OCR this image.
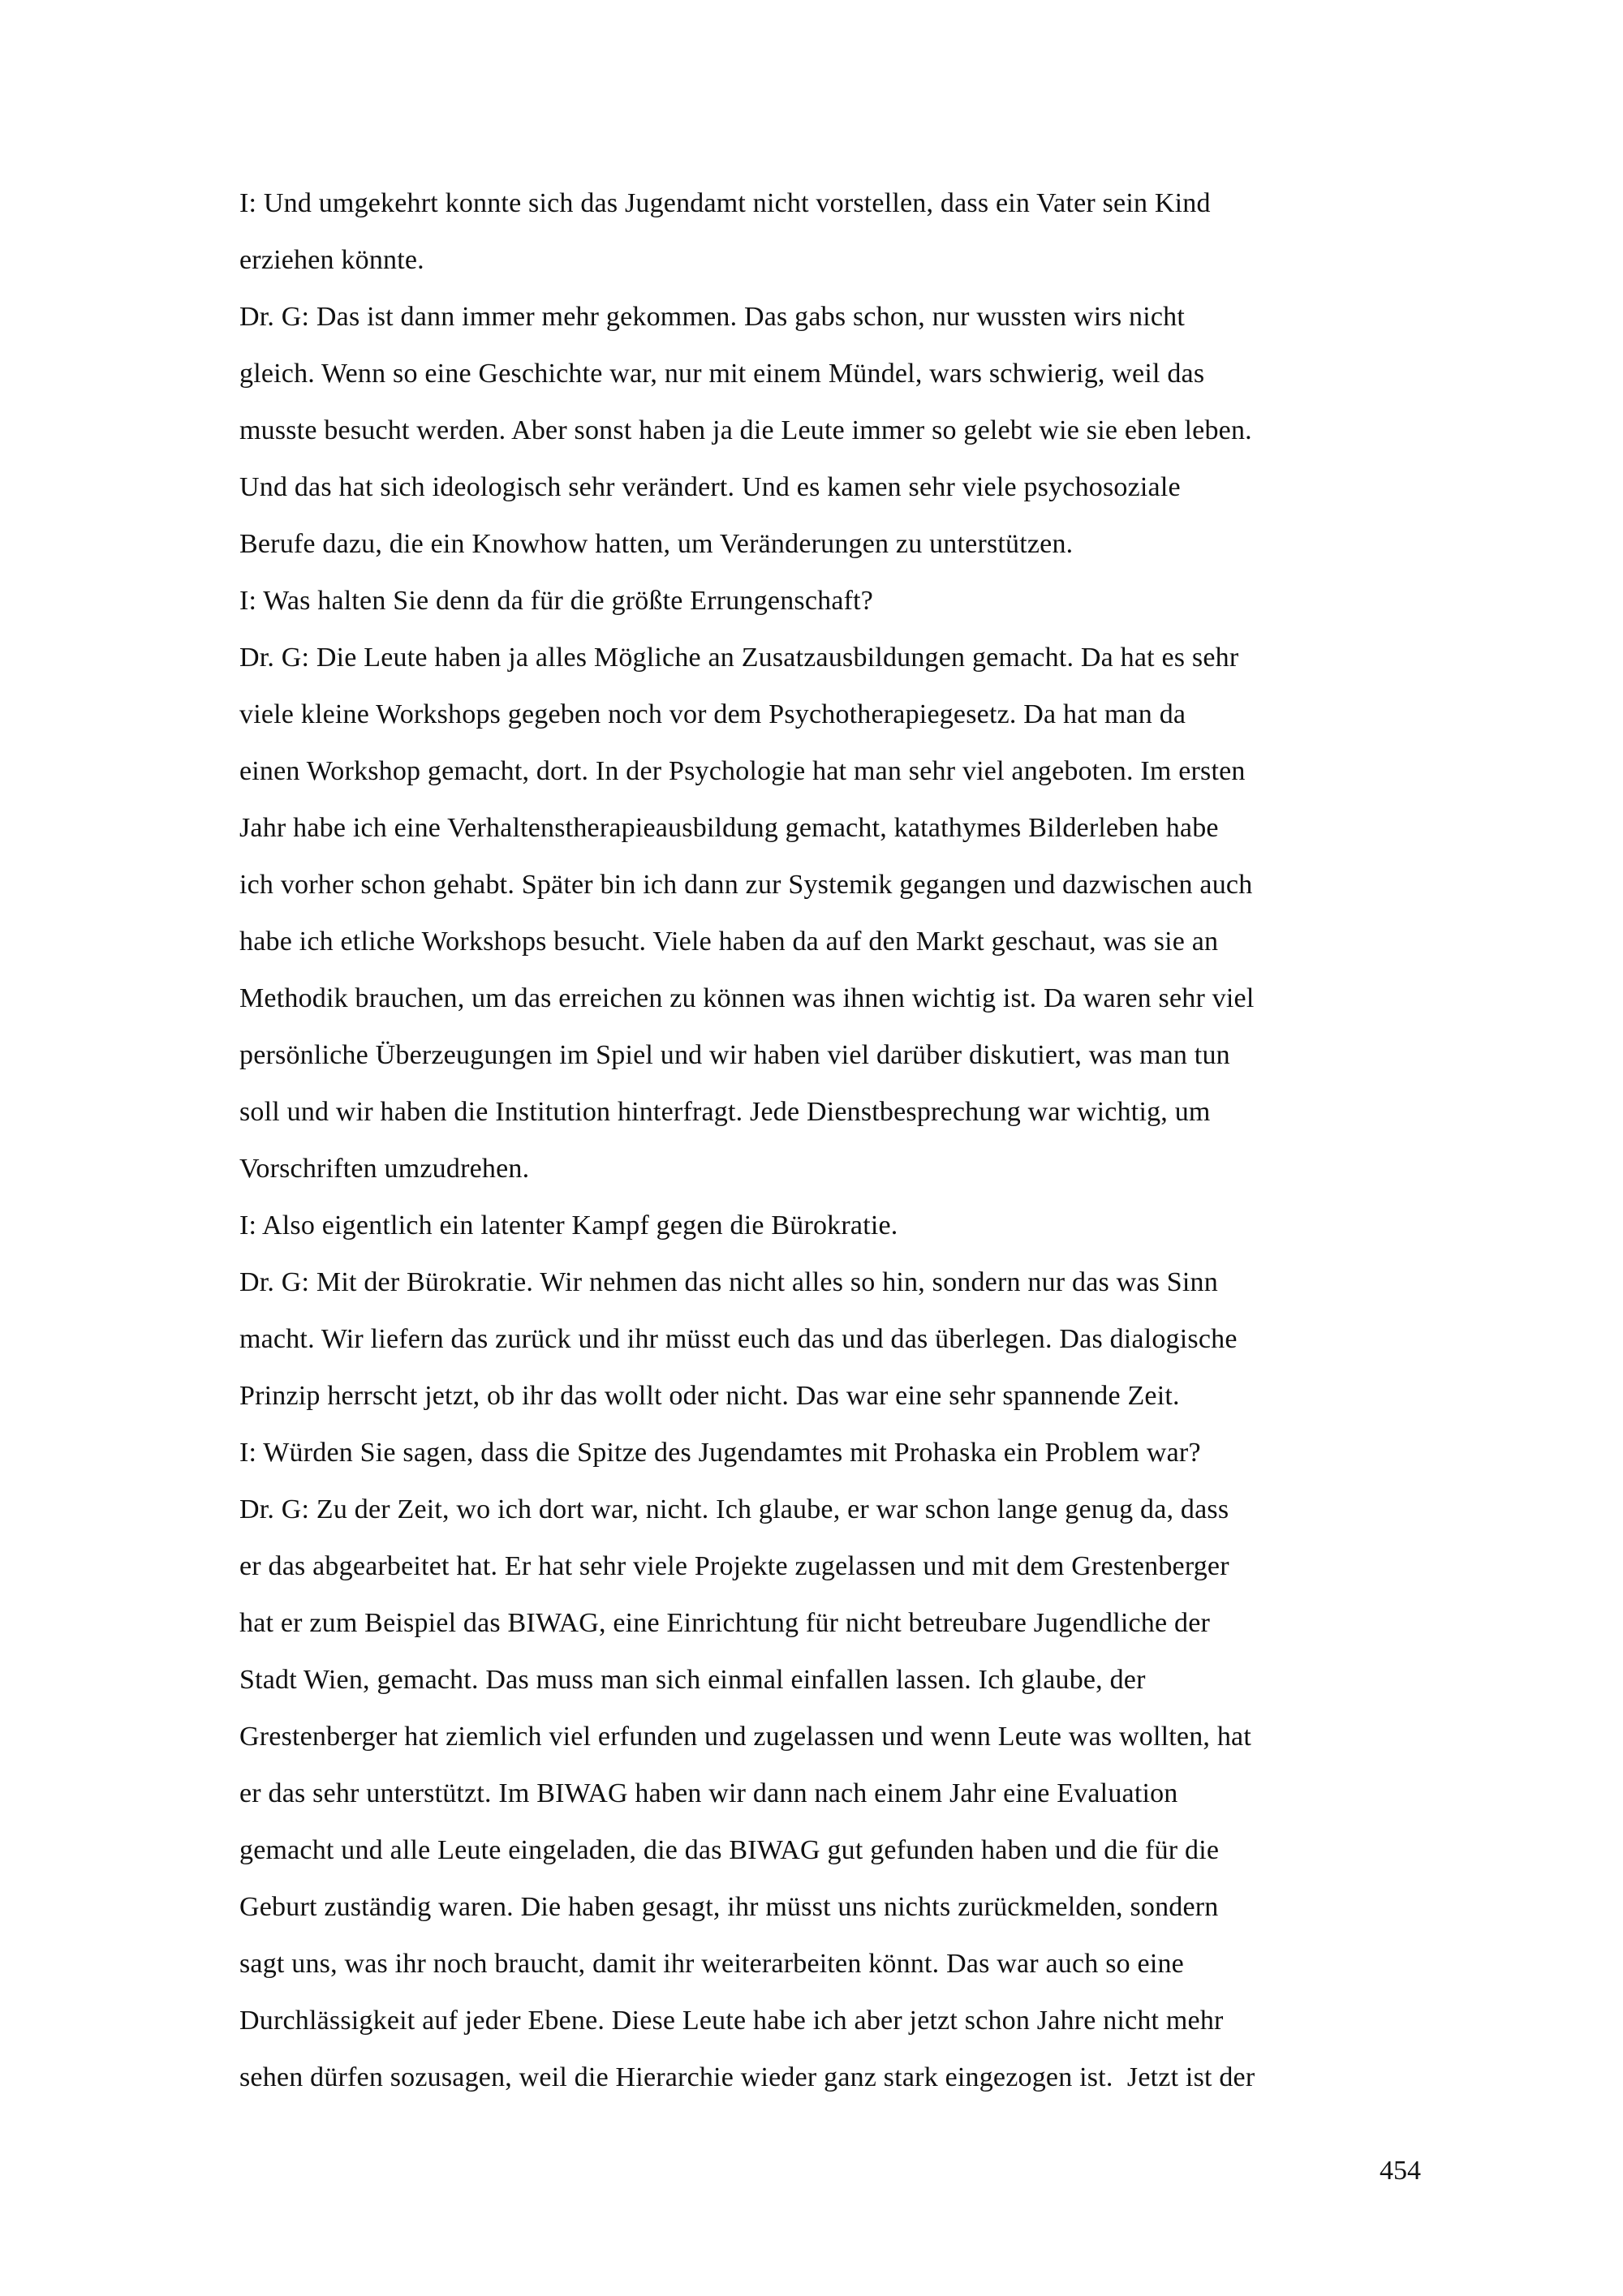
I: Und umgekehrt konnte sich das Jugendamt nicht vorstellen, dass ein Vater sein Kind
erziehen könnte.
Dr. G: Das ist dann immer mehr gekommen. Das gabs schon, nur wussten wirs nicht
gleich. Wenn so eine Geschichte war, nur mit einem Mündel, wars schwierig, weil das
musste besucht werden. Aber sonst haben ja die Leute immer so gelebt wie sie eben leben.
Und das hat sich ideologisch sehr verändert. Und es kamen sehr viele psychosoziale
Berufe dazu, die ein Knowhow hatten, um Veränderungen zu unterstützen.
I: Was halten Sie denn da für die größte Errungenschaft?
Dr. G: Die Leute haben ja alles Mögliche an Zusatzausbildungen gemacht. Da hat es sehr
viele kleine Workshops gegeben noch vor dem Psychotherapiegesetz. Da hat man da
einen Workshop gemacht, dort. In der Psychologie hat man sehr viel angeboten. Im ersten
Jahr habe ich eine Verhaltenstherapieausbildung gemacht, katathymes Bilderleben habe
ich vorher schon gehabt. Später bin ich dann zur Systemik gegangen und dazwischen auch
habe ich etliche Workshops besucht. Viele haben da auf den Markt geschaut, was sie an
Methodik brauchen, um das erreichen zu können was ihnen wichtig ist. Da waren sehr viel
persönliche Überzeugungen im Spiel und wir haben viel darüber diskutiert, was man tun
soll und wir haben die Institution hinterfragt. Jede Dienstbesprechung war wichtig, um
Vorschriften umzudrehen.
I: Also eigentlich ein latenter Kampf gegen die Bürokratie.
Dr. G: Mit der Bürokratie. Wir nehmen das nicht alles so hin, sondern nur das was Sinn
macht. Wir liefern das zurück und ihr müsst euch das und das überlegen. Das dialogische
Prinzip herrscht jetzt, ob ihr das wollt oder nicht. Das war eine sehr spannende Zeit.
I: Würden Sie sagen, dass die Spitze des Jugendamtes mit Prohaska ein Problem war?
Dr. G: Zu der Zeit, wo ich dort war, nicht. Ich glaube, er war schon lange genug da, dass
er das abgearbeitet hat. Er hat sehr viele Projekte zugelassen und mit dem Grestenberger
hat er zum Beispiel das BIWAG, eine Einrichtung für nicht betreubare Jugendliche der
Stadt Wien, gemacht. Das muss man sich einmal einfallen lassen. Ich glaube, der
Grestenberger hat ziemlich viel erfunden und zugelassen und wenn Leute was wollten, hat
er das sehr unterstützt. Im BIWAG haben wir dann nach einem Jahr eine Evaluation
gemacht und alle Leute eingeladen, die das BIWAG gut gefunden haben und die für die
Geburt zuständig waren. Die haben gesagt, ihr müsst uns nichts zurückmelden, sondern
sagt uns, was ihr noch braucht, damit ihr weiterarbeiten könnt. Das war auch so eine
Durchlässigkeit auf jeder Ebene. Diese Leute habe ich aber jetzt schon Jahre nicht mehr
sehen dürfen sozusagen, weil die Hierarchie wieder ganz stark eingezogen ist.  Jetzt ist der
454
